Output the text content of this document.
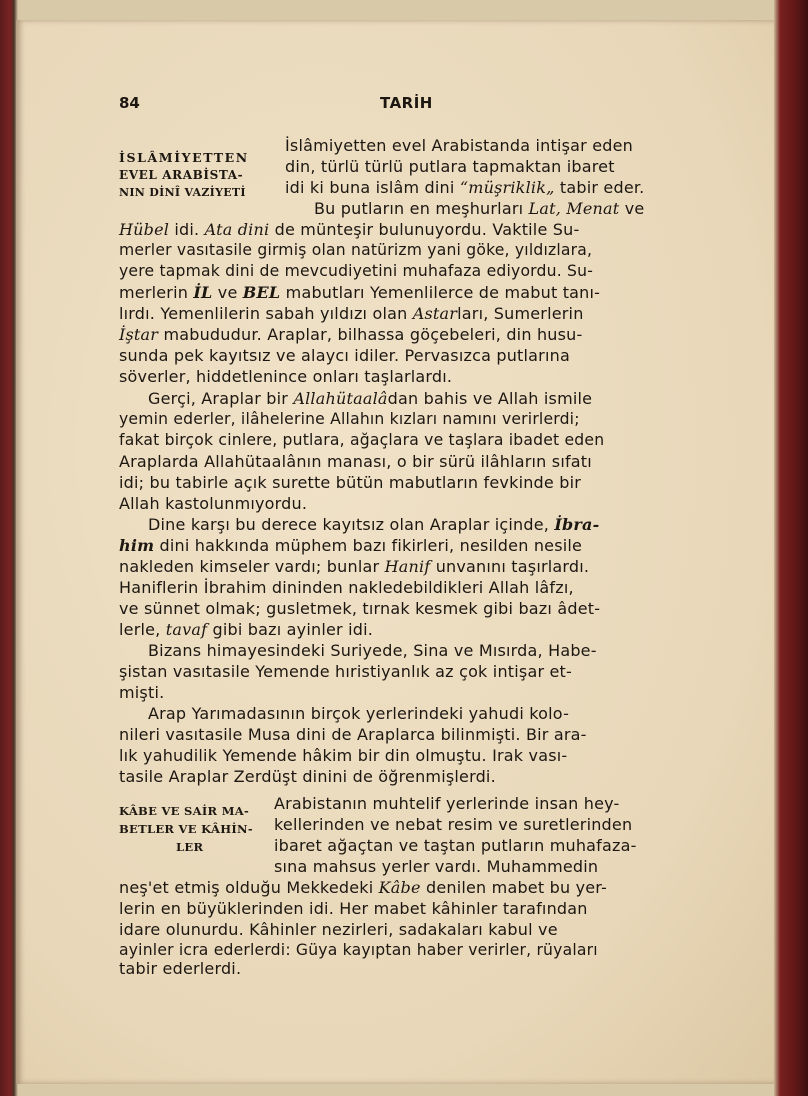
84	TARİH
İSLÂMİYETTEN
EVEL ARABİSTA-
NIN DİNÎ VAZİYETİ
İslâmiyetten evel Arabistanda intişar eden
din, türlü türlü putlara tapmaktan ibaret
idi ki buna islâm dini “müşriklik„ tabir eder.
Bu putların en meşhurları Lat, Menat ve
Hübel idi. Ata dini de münteşir bulunuyordu. Vaktile Su-
merler vasıtasile girmiş olan natürizm yani göke, yıldızlara,
yere tapmak dini de mevcudiyetini muhafaza ediyordu. Su-
merlerin İL ve BEL mabutları Yemenlilerce de mabut tanı-
lırdı. Yemenlilerin sabah yıldızı olan Astarları, Sumerlerin
İştar mabududur. Araplar, bilhassa göçebeleri, din husu-
sunda pek kayıtsız ve alaycı idiler. Pervasızca putlarına
söverler, hiddetlenince onları taşlarlardı.
Gerçi, Araplar bir Allahütaalâdan bahis ve Allah ismile
yemin ederler, ilâhelerine Allahın kızları namını verirlerdi;
fakat birçok cinlere, putlara, ağaçlara ve taşlara ibadet eden
Araplarda Allahütaalânın manası, o bir sürü ilâhların sıfatı
idi; bu tabirle açık surette bütün mabutların fevkinde bir
Allah kastolunmıyordu.
Dine karşı bu derece kayıtsız olan Araplar içinde, İbra-
him dini hakkında müphem bazı fikirleri, nesilden nesile
nakleden kimseler vardı; bunlar Hanif unvanını taşırlardı.
Haniflerin İbrahim dininden nakledebildikleri Allah lâfzı,
ve sünnet olmak; gusletmek, tırnak kesmek gibi bazı âdet-
lerle, tavaf gibi bazı ayinler idi.
Bizans himayesindeki Suriyede, Sina ve Mısırda, Habe-
şistan vasıtasile Yemende hıristiyanlık az çok intişar et-
mişti.
Arap Yarımadasının birçok yerlerindeki yahudi kolo-
nileri vasıtasile Musa dini de Araplarca bilinmişti. Bir ara-
lık yahudilik Yemende hâkim bir din olmuştu. Irak vası-
tasile Araplar Zerdüşt dinini de öğrenmişlerdi.
KÂBE VE SAİR MA-
BETLER VE KÂHİN-
LER
Arabistanın muhtelif yerlerinde insan hey-
kellerinden ve nebat resim ve suretlerinden
ibaret ağaçtan ve taştan putların muhafaza-
sına mahsus yerler vardı. Muhammedin
neş'et etmiş olduğu Mekkedeki Kâbe denilen mabet bu yer-
lerin en büyüklerinden idi. Her mabet kâhinler tarafından
idare olunurdu. Kâhinler nezirleri, sadakaları kabul ve
ayinler icra ederlerdi: Güya kayıptan haber verirler, rüyaları
tabir ederlerdi.
